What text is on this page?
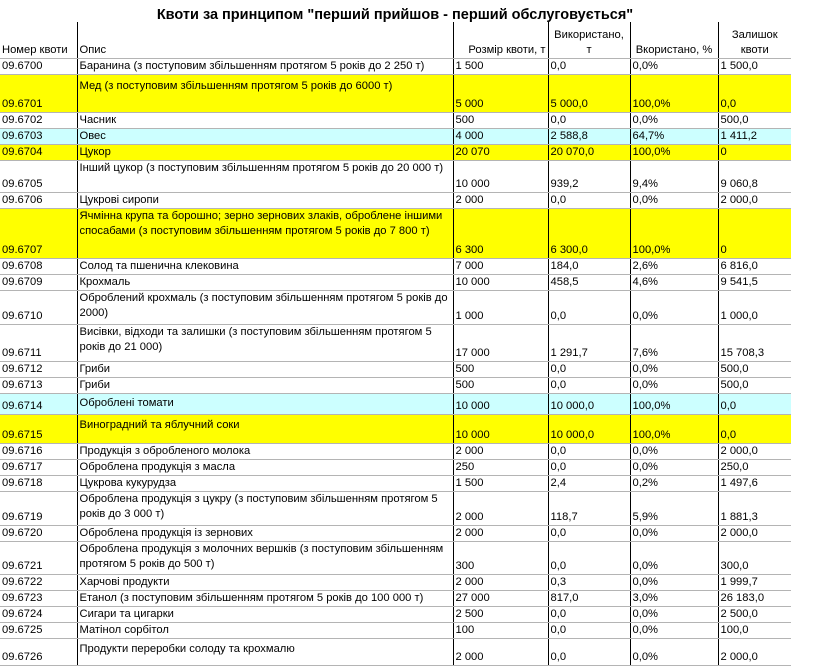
Квоти за принципом "перший прийшов - перший обслуговується"
Номер квоти	Опис	Розмір квоти, т	Використано, т	Вкористано, %	Залишок квоти
09.6700	Баранина (з поступовим збільшенням протягом 5 років до 2 250 т)	1 500	0,0	0,0%	1 500,0
09.6701	Мед (з поступовим збільшенням протягом 5 років до 6000 т)	5 000	5 000,0	100,0%	0,0
09.6702	Часник	500	0,0	0,0%	500,0
09.6703	Овес	4 000	2 588,8	64,7%	1 411,2
09.6704	Цукор	20 070	20 070,0	100,0%	0
09.6705	Інший цукор (з поступовим збільшенням протягом 5 років до 20 000 т)	10 000	939,2	9,4%	9 060,8
09.6706	Цукрові сиропи	2 000	0,0	0,0%	2 000,0
09.6707	Ячмінна крупа та борошно; зерно зернових злаків, оброблене іншими спосабами (з поступовим збільшенням протягом 5 років до 7 800 т)	6 300	6 300,0	100,0%	0
09.6708	Солод та пшенична клековина	7 000	184,0	2,6%	6 816,0
09.6709	Крохмаль	10 000	458,5	4,6%	9 541,5
09.6710	Оброблений крохмаль (з поступовим збільшенням протягом 5 років до 2000)	1 000	0,0	0,0%	1 000,0
09.6711	Висівки, відходи та залишки (з поступовим збільшенням протягом 5 років до 21 000)	17 000	1 291,7	7,6%	15 708,3
09.6712	Гриби	500	0,0	0,0%	500,0
09.6713	Гриби	500	0,0	0,0%	500,0
09.6714	Оброблені томати	10 000	10 000,0	100,0%	0,0
09.6715	Виноградний та яблучний соки	10 000	10 000,0	100,0%	0,0
09.6716	Продукція з обробленого молока	2 000	0,0	0,0%	2 000,0
09.6717	Оброблена продукція з масла	250	0,0	0,0%	250,0
09.6718	Цукрова кукурудза	1 500	2,4	0,2%	1 497,6
09.6719	Оброблена продукція з цукру (з поступовим збільшенням протягом 5 років до 3 000 т)	2 000	118,7	5,9%	1 881,3
09.6720	Оброблена продукція із зернових	2 000	0,0	0,0%	2 000,0
09.6721	Оброблена продукція з молочних вершків (з поступовим збільшенням протягом 5 років до 500 т)	300	0,0	0,0%	300,0
09.6722	Харчові продукти	2 000	0,3	0,0%	1 999,7
09.6723	Етанол (з поступовим збільшенням протягом 5 років до 100 000 т)	27 000	817,0	3,0%	26 183,0
09.6724	Сигари та цигарки	2 500	0,0	0,0%	2 500,0
09.6725	Матінол сорбітол	100	0,0	0,0%	100,0
09.6726	Продукти переробки солоду та крохмалю	2 000	0,0	0,0%	2 000,0
